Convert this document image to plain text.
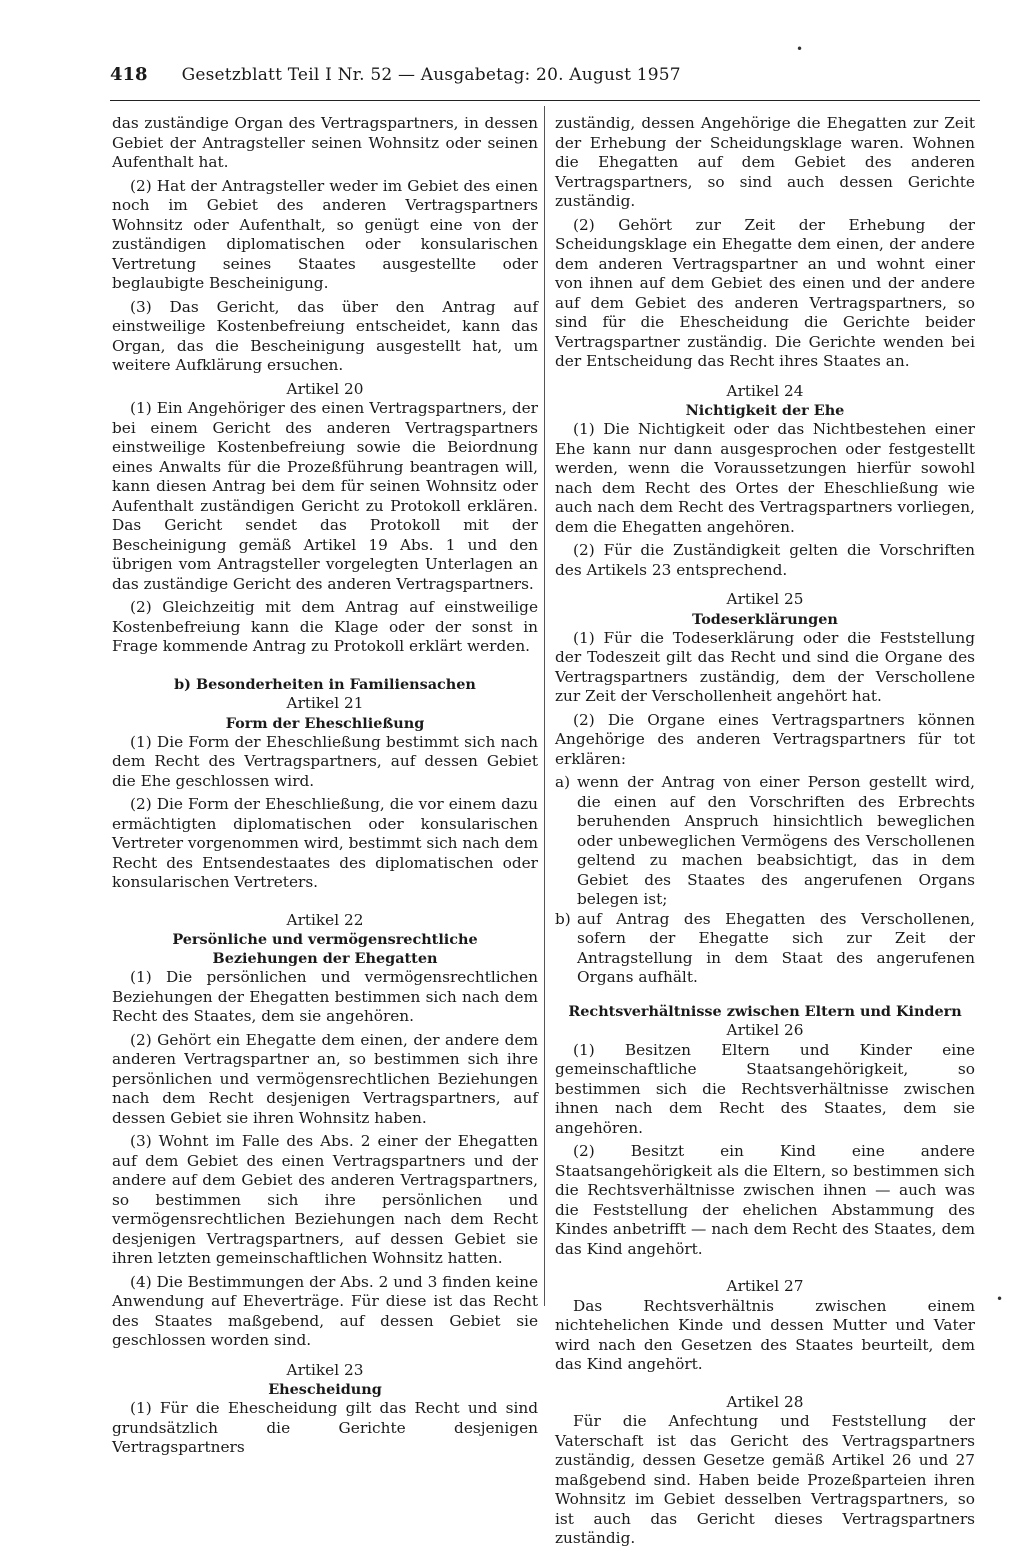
418 Gesetzblatt Teil I Nr. 52 — Ausgabetag: 20. August 1957
•

das zuständige Organ des Vertragspartners, in dessen Gebiet der Antragsteller seinen Wohnsitz oder seinen Aufenthalt hat.

(2) Hat der Antragsteller weder im Gebiet des einen noch im Gebiet des anderen Vertragspartners Wohnsitz oder Aufenthalt, so genügt eine von der zuständigen diplomatischen oder konsularischen Vertretung seines Staates ausgestellte oder beglaubigte Bescheinigung.

(3) Das Gericht, das über den Antrag auf einstweilige Kostenbefreiung entscheidet, kann das Organ, das die Bescheinigung ausgestellt hat, um weitere Aufklärung ersuchen.

Artikel 20

(1) Ein Angehöriger des einen Vertragspartners, der bei einem Gericht des anderen Vertragspartners einstweilige Kostenbefreiung sowie die Beiordnung eines Anwalts für die Prozeßführung beantragen will, kann diesen Antrag bei dem für seinen Wohnsitz oder Aufenthalt zuständigen Gericht zu Protokoll erklären. Das Gericht sendet das Protokoll mit der Bescheinigung gemäß Artikel 19 Abs. 1 und den übrigen vom Antragsteller vorgelegten Unterlagen an das zuständige Gericht des anderen Vertragspartners.

(2) Gleichzeitig mit dem Antrag auf einstweilige Kostenbefreiung kann die Klage oder der sonst in Frage kommende Antrag zu Protokoll erklärt werden.

b) Besonderheiten in Familiensachen

Artikel 21

Form der Eheschließung

(1) Die Form der Eheschließung bestimmt sich nach dem Recht des Vertragspartners, auf dessen Gebiet die Ehe geschlossen wird.

(2) Die Form der Eheschließung, die vor einem dazu ermächtigten diplomatischen oder konsularischen Vertreter vorgenommen wird, bestimmt sich nach dem Recht des Entsendestaates des diplomatischen oder konsularischen Vertreters.

Artikel 22

Persönliche und vermögensrechtliche Beziehungen der Ehegatten

(1) Die persönlichen und vermögensrechtlichen Beziehungen der Ehegatten bestimmen sich nach dem Recht des Staates, dem sie angehören.

(2) Gehört ein Ehegatte dem einen, der andere dem anderen Vertragspartner an, so bestimmen sich ihre persönlichen und vermögensrechtlichen Beziehungen nach dem Recht desjenigen Vertragspartners, auf dessen Gebiet sie ihren Wohnsitz haben.

(3) Wohnt im Falle des Abs. 2 einer der Ehegatten auf dem Gebiet des einen Vertragspartners und der andere auf dem Gebiet des anderen Vertragspartners, so bestimmen sich ihre persönlichen und vermögensrechtlichen Beziehungen nach dem Recht desjenigen Vertragspartners, auf dessen Gebiet sie ihren letzten gemeinschaftlichen Wohnsitz hatten.

(4) Die Bestimmungen der Abs. 2 und 3 finden keine Anwendung auf Eheverträge. Für diese ist das Recht des Staates maßgebend, auf dessen Gebiet sie geschlossen worden sind.

Artikel 23

Ehescheidung

(1) Für die Ehescheidung gilt das Recht und sind grundsätzlich die Gerichte desjenigen Vertragspartners

zuständig, dessen Angehörige die Ehegatten zur Zeit der Erhebung der Scheidungsklage waren. Wohnen die Ehegatten auf dem Gebiet des anderen Vertragspartners, so sind auch dessen Gerichte zuständig.

(2) Gehört zur Zeit der Erhebung der Scheidungsklage ein Ehegatte dem einen, der andere dem anderen Vertragspartner an und wohnt einer von ihnen auf dem Gebiet des einen und der andere auf dem Gebiet des anderen Vertragspartners, so sind für die Ehescheidung die Gerichte beider Vertragspartner zuständig. Die Gerichte wenden bei der Entscheidung das Recht ihres Staates an.

Artikel 24

Nichtigkeit der Ehe

(1) Die Nichtigkeit oder das Nichtbestehen einer Ehe kann nur dann ausgesprochen oder festgestellt werden, wenn die Voraussetzungen hierfür sowohl nach dem Recht des Ortes der Eheschließung wie auch nach dem Recht des Vertragspartners vorliegen, dem die Ehegatten angehören.

(2) Für die Zuständigkeit gelten die Vorschriften des Artikels 23 entsprechend.

Artikel 25

Todeserklärungen

(1) Für die Todeserklärung oder die Feststellung der Todeszeit gilt das Recht und sind die Organe des Vertragspartners zuständig, dem der Verschollene zur Zeit der Verschollenheit angehört hat.

(2) Die Organe eines Vertragspartners können Angehörige des anderen Vertragspartners für tot erklären:

a) wenn der Antrag von einer Person gestellt wird, die einen auf den Vorschriften des Erbrechts beruhenden Anspruch hinsichtlich beweglichen oder unbeweglichen Vermögens des Verschollenen geltend zu machen beabsichtigt, das in dem Gebiet des Staates des angerufenen Organs belegen ist;
b) auf Antrag des Ehegatten des Verschollenen, sofern der Ehegatte sich zur Zeit der Antragstellung in dem Staat des angerufenen Organs aufhält.

Rechtsverhältnisse zwischen Eltern und Kindern

Artikel 26

(1) Besitzen Eltern und Kinder eine gemeinschaftliche Staatsangehörigkeit, so bestimmen sich die Rechtsverhältnisse zwischen ihnen nach dem Recht des Staates, dem sie angehören.

(2) Besitzt ein Kind eine andere Staatsangehörigkeit als die Eltern, so bestimmen sich die Rechtsverhältnisse zwischen ihnen — auch was die Feststellung der ehelichen Abstammung des Kindes anbetrifft — nach dem Recht des Staates, dem das Kind angehört.

Artikel 27

Das Rechtsverhältnis zwischen einem nichtehelichen Kinde und dessen Mutter und Vater wird nach den Gesetzen des Staates beurteilt, dem das Kind angehört.

Artikel 28

Für die Anfechtung und Feststellung der Vaterschaft ist das Gericht des Vertragspartners zuständig, dessen Gesetze gemäß Artikel 26 und 27 maßgebend sind. Haben beide Prozeßparteien ihren Wohnsitz im Gebiet desselben Vertragspartners, so ist auch das Gericht dieses Vertragspartners zuständig.

•
